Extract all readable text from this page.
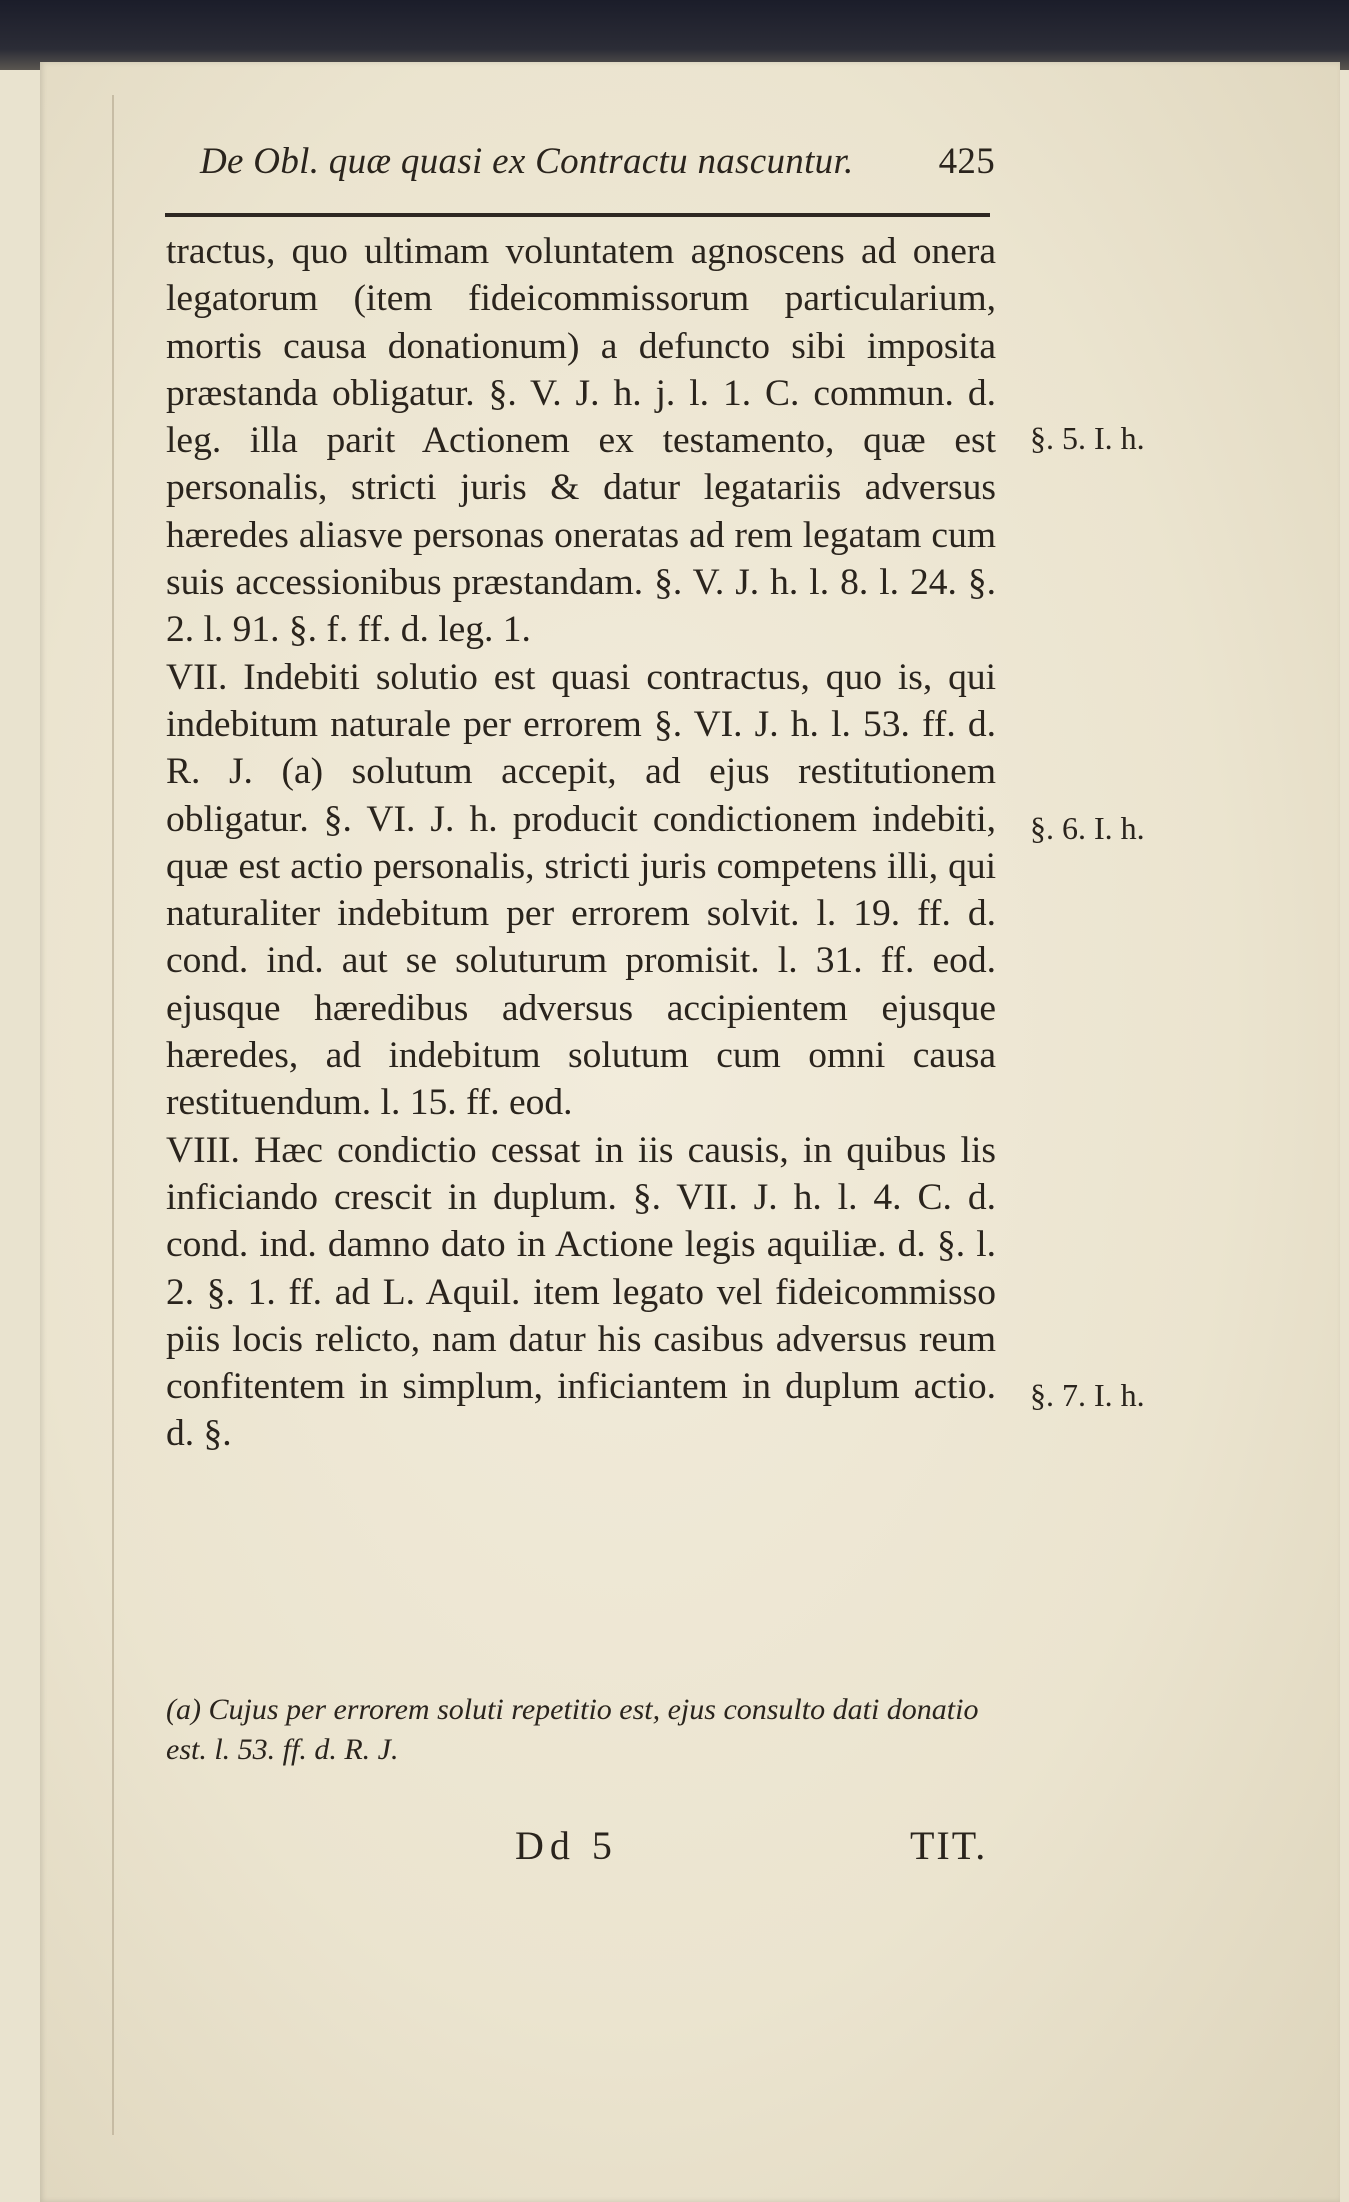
De Obl. quæ quasi ex Contractu nascuntur. 425
tractus, quo ultimam voluntatem agnoscens ad onera legatorum (item fideicommissorum particularium, mortis causa donationum) a defuncto sibi imposita præstanda obligatur. §. V. J. h. j. l. 1. C. commun. d. leg. illa parit Actionem ex testamento, quæ est personalis, stricti juris & datur legatariis adversus hæredes aliasve personas oneratas ad rem legatam cum suis accessionibus præstandam. §. V. J. h. l. 8. l. 24. §. 2. l. 91. §. f. ff. d. leg. 1.
VII. Indebiti solutio est quasi contractus, quo is, qui indebitum naturale per errorem §. VI. J. h. l. 53. ff. d. R. J. (a) solutum accepit, ad ejus restitutionem obligatur. §. VI. J. h. producit condictionem indebiti, quæ est actio personalis, stricti juris competens illi, qui naturaliter indebitum per errorem solvit. l. 19. ff. d. cond. ind. aut se soluturum promisit. l. 31. ff. eod. ejusque hæredibus adversus accipientem ejusque hæredes, ad indebitum solutum cum omni causa restituendum. l. 15. ff. eod.
VIII. Hæc condictio cessat in iis causis, in quibus lis inficiando crescit in duplum. §. VII. J. h. l. 4. C. d. cond. ind. damno dato in Actione legis aquiliæ. d. §. l. 2. §. 1. ff. ad L. Aquil. item legato vel fideicommisso piis locis relicto, nam datur his casibus adversus reum confitentem in simplum, inficiantem in duplum actio. d. §.
§. 5. I. h.
§. 6. I. h.
§. 7. I. h.
(a) Cujus per errorem soluti repetitio est, ejus consulto dati donatio est. l. 53. ff. d. R. J.
Dd 5	TIT.
